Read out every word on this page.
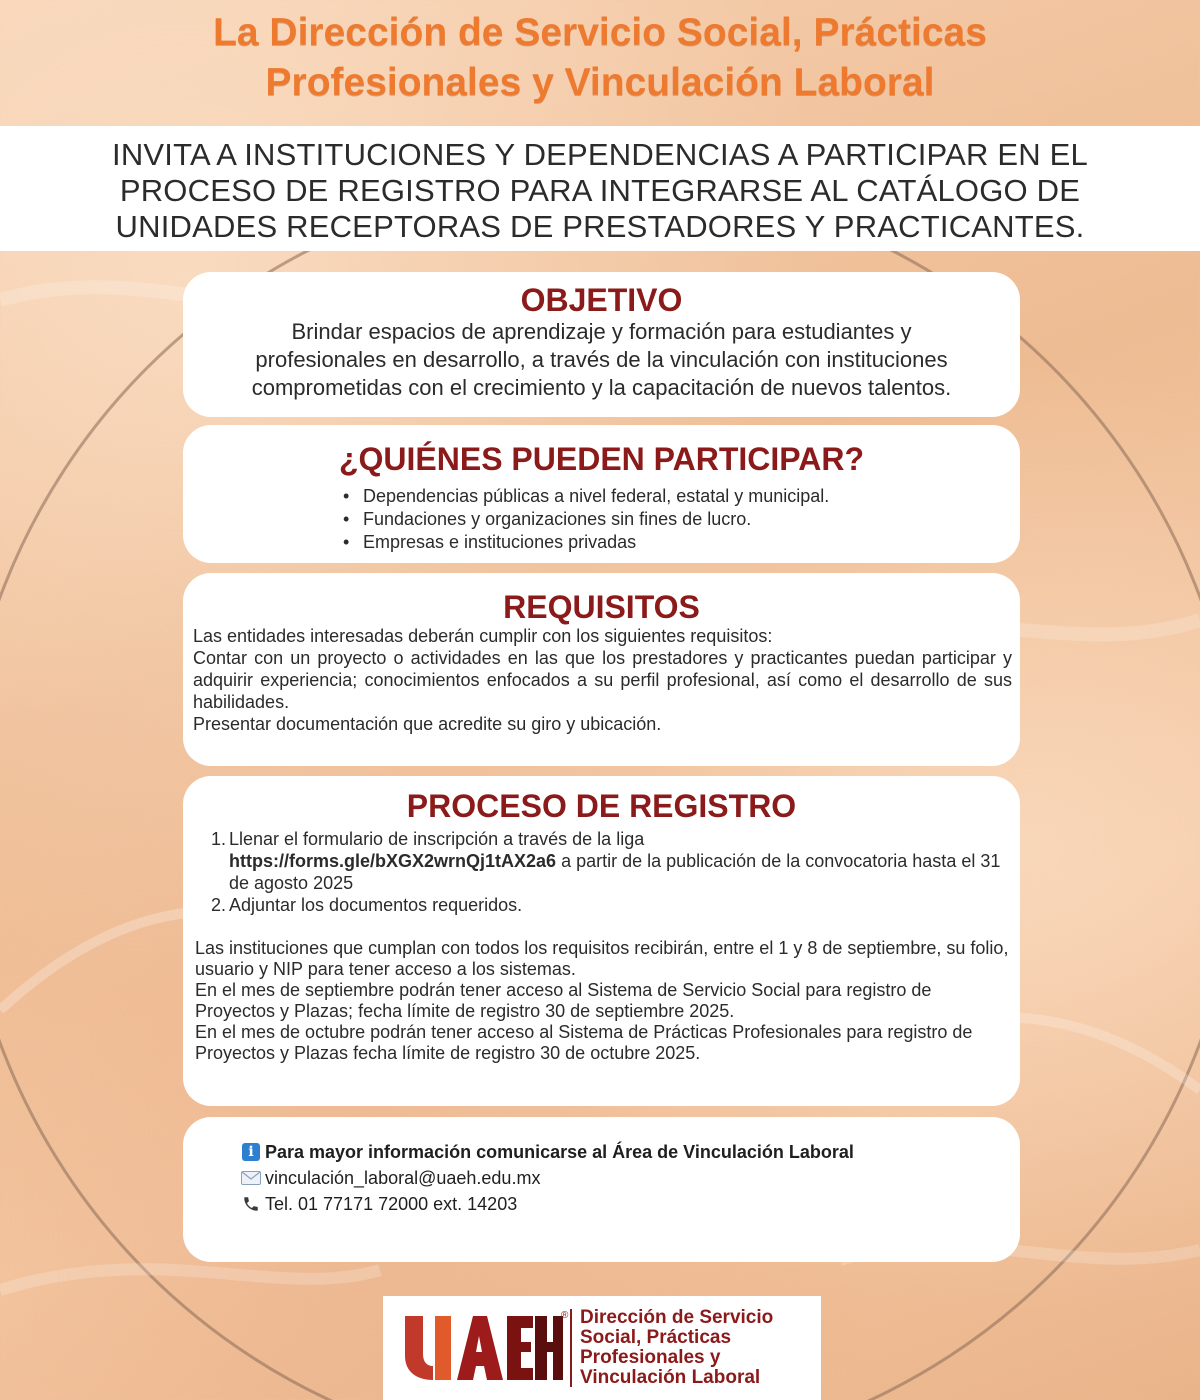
La Dirección de Servicio Social, Prácticas
Profesionales y Vinculación Laboral
INVITA A INSTITUCIONES Y DEPENDENCIAS A PARTICIPAR EN EL
PROCESO DE REGISTRO PARA INTEGRARSE AL CATÁLOGO DE
UNIDADES RECEPTORAS DE PRESTADORES Y PRACTICANTES.
OBJETIVO
Brindar espacios de aprendizaje y formación para estudiantes y
profesionales en desarrollo, a través de la vinculación con instituciones
comprometidas con el crecimiento y la capacitación de nuevos talentos.
¿QUIÉNES PUEDEN PARTICIPAR?
• Dependencias públicas a nivel federal, estatal y municipal.
• Fundaciones y organizaciones sin fines de lucro.
• Empresas e instituciones privadas
REQUISITOS
Las entidades interesadas deberán cumplir con los siguientes requisitos:
Contar con un proyecto o actividades en las que los prestadores y practicantes puedan participar y adquirir experiencia; conocimientos enfocados a su perfil profesional, así como el desarrollo de sus habilidades.
Presentar documentación que acredite su giro y ubicación.
PROCESO DE REGISTRO
1. Llenar el formulario de inscripción a través de la liga
https://forms.gle/bXGX2wrnQj1tAX2a6 a partir de la publicación de la convocatoria hasta el 31 de agosto 2025
2. Adjuntar los documentos requeridos.
Las instituciones que cumplan con todos los requisitos recibirán, entre el 1 y 8 de septiembre, su folio, usuario y NIP para tener acceso a los sistemas.
En el mes de septiembre podrán tener acceso al Sistema de Servicio Social para registro de Proyectos y Plazas; fecha límite de registro 30 de septiembre 2025.
En el mes de octubre podrán tener acceso al Sistema de Prácticas Profesionales para registro de Proyectos y Plazas fecha límite de registro 30 de octubre 2025.
i Para mayor información comunicarse al Área de Vinculación Laboral
vinculación_laboral@uaeh.edu.mx
Tel. 01 77171 72000 ext. 14203
® Dirección de Servicio
Social, Prácticas
Profesionales y
Vinculación Laboral
